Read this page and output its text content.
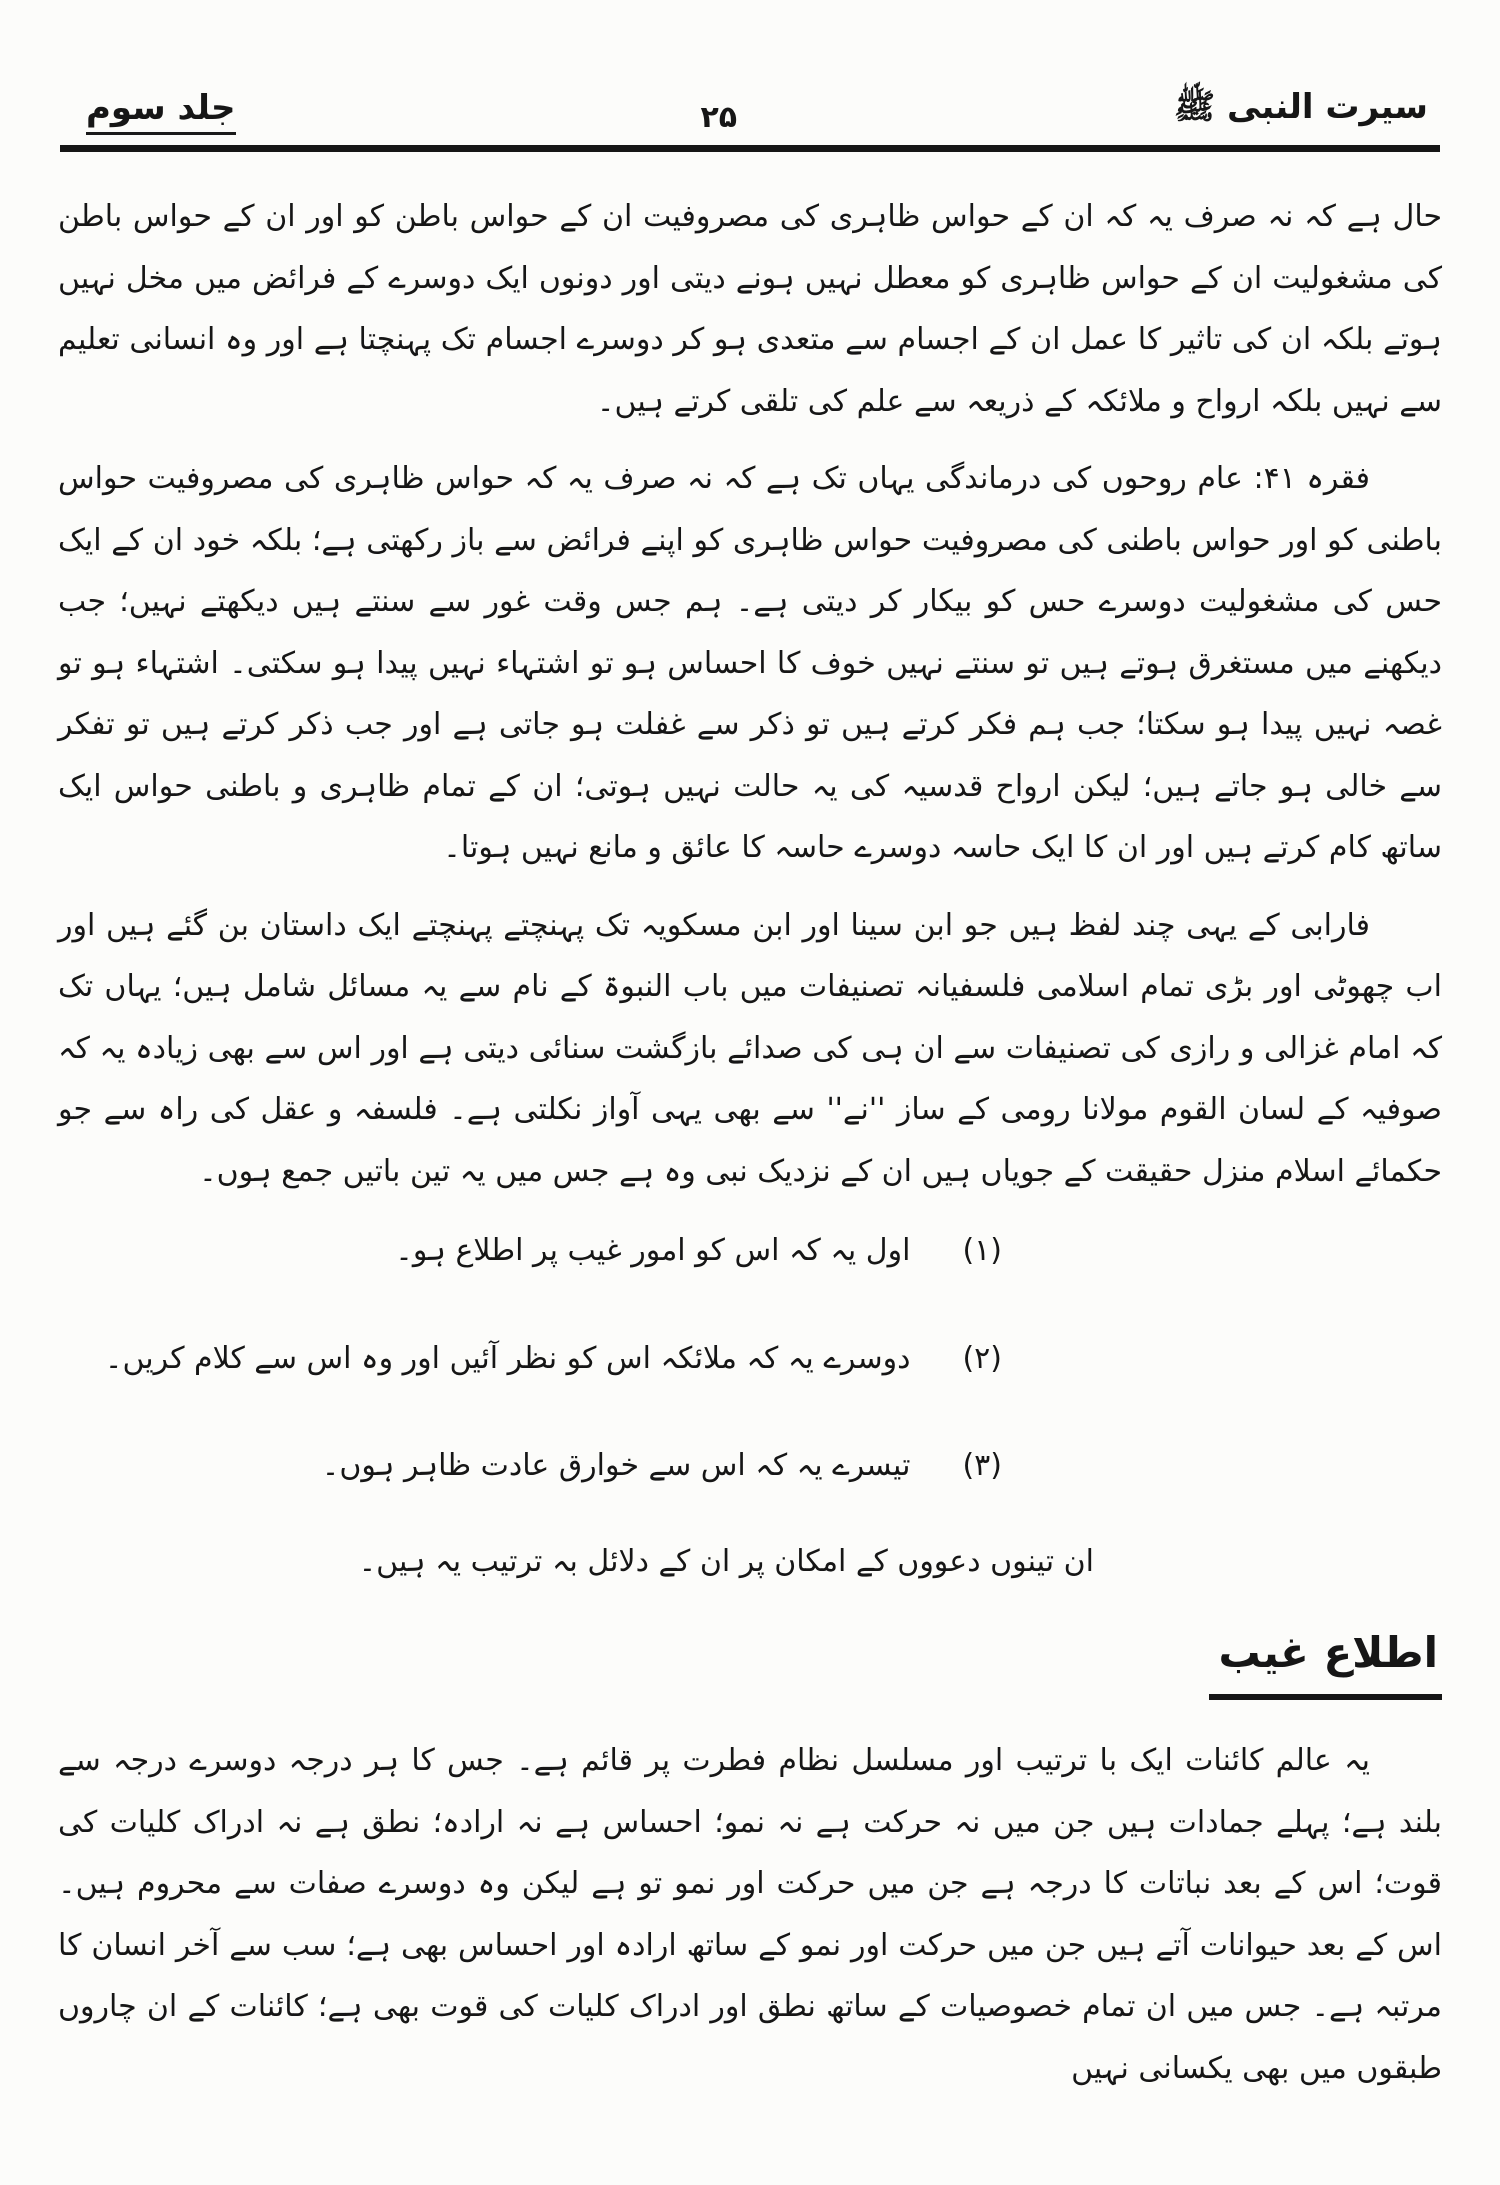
سیرت النبی ﷺ
۲۵
جلد سوم

حال ہے کہ نہ صرف یہ کہ ان کے حواس ظاہری کی مصروفیت ان کے حواس باطن کو اور ان کے حواس باطن کی مشغولیت ان کے حواس ظاہری کو معطل نہیں ہونے دیتی اور دونوں ایک دوسرے کے فرائض میں مخل نہیں ہوتے بلکہ ان کی تاثیر کا عمل ان کے اجسام سے متعدی ہو کر دوسرے اجسام تک پہنچتا ہے اور وہ انسانی تعلیم سے نہیں بلکہ ارواح و ملائکہ کے ذریعہ سے علم کی تلقی کرتے ہیں۔

فقرہ ۴۱: عام روحوں کی درماندگی یہاں تک ہے کہ نہ صرف یہ کہ حواس ظاہری کی مصروفیت حواس باطنی کو اور حواس باطنی کی مصروفیت حواس ظاہری کو اپنے فرائض سے باز رکھتی ہے؛ بلکہ خود ان کے ایک حس کی مشغولیت دوسرے حس کو بیکار کر دیتی ہے۔ ہم جس وقت غور سے سنتے ہیں دیکھتے نہیں؛ جب دیکھنے میں مستغرق ہوتے ہیں تو سنتے نہیں خوف کا احساس ہو تو اشتہاء نہیں پیدا ہو سکتی۔ اشتہاء ہو تو غصہ نہیں پیدا ہو سکتا؛ جب ہم فکر کرتے ہیں تو ذکر سے غفلت ہو جاتی ہے اور جب ذکر کرتے ہیں تو تفکر سے خالی ہو جاتے ہیں؛ لیکن ارواح قدسیہ کی یہ حالت نہیں ہوتی؛ ان کے تمام ظاہری و باطنی حواس ایک ساتھ کام کرتے ہیں اور ان کا ایک حاسہ دوسرے حاسہ کا عائق و مانع نہیں ہوتا۔

فارابی کے یہی چند لفظ ہیں جو ابن سینا اور ابن مسکویہ تک پہنچتے پہنچتے ایک داستان بن گئے ہیں اور اب چھوٹی اور بڑی تمام اسلامی فلسفیانہ تصنیفات میں باب النبوۃ کے نام سے یہ مسائل شامل ہیں؛ یہاں تک کہ امام غزالی و رازی کی تصنیفات سے ان ہی کی صدائے بازگشت سنائی دیتی ہے اور اس سے بھی زیادہ یہ کہ صوفیہ کے لسان القوم مولانا رومی کے ساز ''نے'' سے بھی یہی آواز نکلتی ہے۔ فلسفہ و عقل کی راہ سے جو حکمائے اسلام منزل حقیقت کے جویاں ہیں ان کے نزدیک نبی وہ ہے جس میں یہ تین باتیں جمع ہوں۔

(۱)
اول یہ کہ اس کو امور غیب پر اطلاع ہو۔
(۲)
دوسرے یہ کہ ملائکہ اس کو نظر آئیں اور وہ اس سے کلام کریں۔
(۳)
تیسرے یہ کہ اس سے خوارق عادت ظاہر ہوں۔

ان تینوں دعووں کے امکان پر ان کے دلائل بہ ترتیب یہ ہیں۔

اطلاع غیب

یہ عالم کائنات ایک با ترتیب اور مسلسل نظام فطرت پر قائم ہے۔ جس کا ہر درجہ دوسرے درجہ سے بلند ہے؛ پہلے جمادات ہیں جن میں نہ حرکت ہے نہ نمو؛ احساس ہے نہ ارادہ؛ نطق ہے نہ ادراک کلیات کی قوت؛ اس کے بعد نباتات کا درجہ ہے جن میں حرکت اور نمو تو ہے لیکن وہ دوسرے صفات سے محروم ہیں۔ اس کے بعد حیوانات آتے ہیں جن میں حرکت اور نمو کے ساتھ ارادہ اور احساس بھی ہے؛ سب سے آخر انسان کا مرتبہ ہے۔ جس میں ان تمام خصوصیات کے ساتھ نطق اور ادراک کلیات کی قوت بھی ہے؛ کائنات کے ان چاروں طبقوں میں بھی یکسانی نہیں
